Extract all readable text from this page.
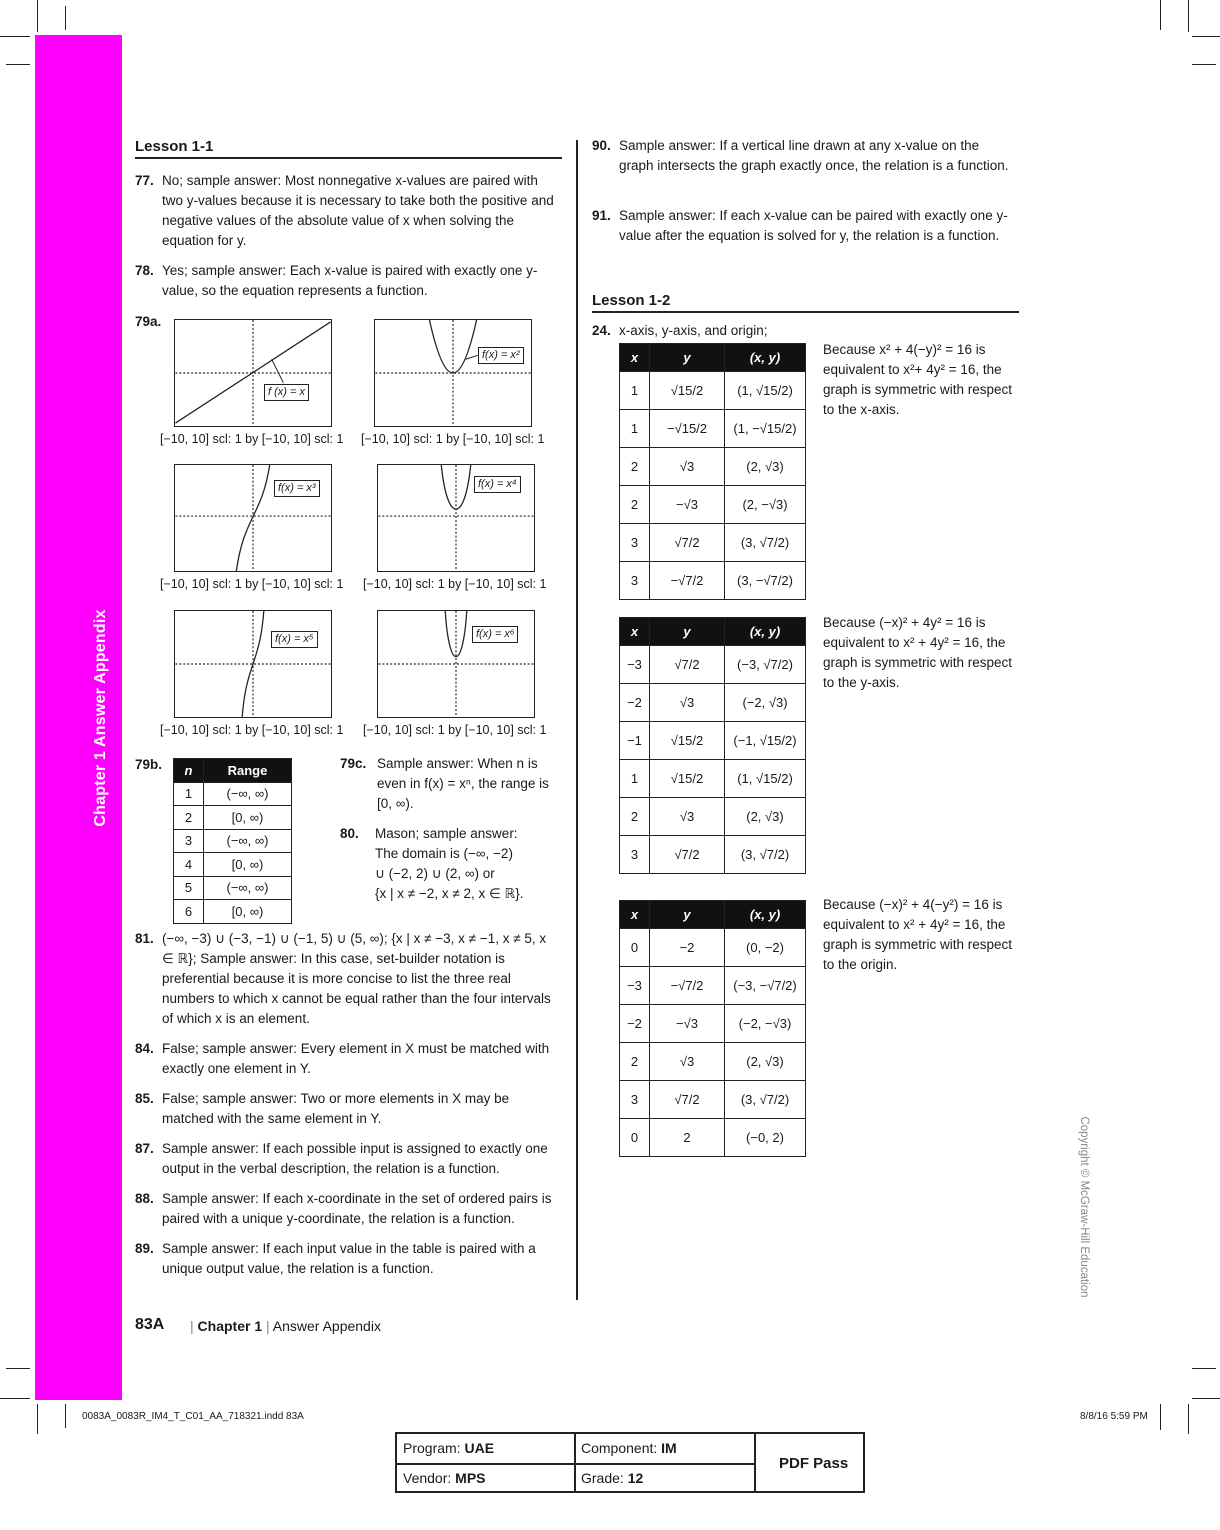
Chapter 1 Answer Appendix
Lesson 1-1
77. No; sample answer: Most nonnegative x-values are paired with two y-values because it is necessary to take both the positive and negative values of the absolute value of x when solving the equation for y.
78. Yes; sample answer: Each x-value is paired with exactly one y-value, so the equation represents a function.
79a.
f (x) = x
f(x) = x²
[−10, 10] scl: 1 by [−10, 10] scl: 1 [−10, 10] scl: 1 by [−10, 10] scl: 1
f(x) = x³	f(x) = x⁴
[−10, 10] scl: 1 by [−10, 10] scl: 1 [−10, 10] scl: 1 by [−10, 10] scl: 1
f(x) = x⁵	f(x) = x⁶
[−10, 10] scl: 1 by [−10, 10] scl: 1 [−10, 10] scl: 1 by [−10, 10] scl: 1
79b. n	Range
1	(−∞, ∞)
2	[0, ∞)
3	(−∞, ∞)
4	[0, ∞)
5	(−∞, ∞)
6	[0, ∞)
79c. Sample answer: When n is even in f(x) = xⁿ, the range is [0, ∞).
80.	Mason; sample answer:
The domain is (−∞, −2)
∪ (−2, 2) ∪ (2, ∞) or
{x | x ≠ −2, x ≠ 2, x ∈ ℝ}.
81. (−∞, −3) ∪ (−3, −1) ∪ (−1, 5) ∪ (5, ∞); {x | x ≠ −3, x ≠ −1, x ≠ 5, x ∈ ℝ}; Sample answer: In this case, set-builder notation is preferential because it is more concise to list the three real numbers to which x cannot be equal rather than the four intervals of which x is an element.
84. False; sample answer: Every element in X must be matched with exactly one element in Y.
85. False; sample answer: Two or more elements in X may be matched with the same element in Y.
87. Sample answer: If each possible input is assigned to exactly one output in the verbal description, the relation is a function.
88. Sample answer: If each x-coordinate in the set of ordered pairs is paired with a unique y-coordinate, the relation is a function.
89. Sample answer: If each input value in the table is paired with a unique output value, the relation is a function.
90. Sample answer: If a vertical line drawn at any x-value on the graph intersects the graph exactly once, the relation is a function.
91. Sample answer: If each x-value can be paired with exactly one y-value after the equation is solved for y, the relation is a function.
Lesson 1-2
24. x-axis, y-axis, and origin;
x	y	(x, y)
1	√15/2	(1, √15/2)
1	−√15/2	(1, −√15/2)
2	√3	(2, √3)
2	−√3	(2, −√3)
3	√7/2	(3, √7/2)
3	−√7/2	(3, −√7/2)
Because x² + 4(−y)² = 16 is equivalent to x²+ 4y² = 16, the graph is symmetric with respect to the x-axis.
x	y	(x, y)
−3	√7/2	(−3, √7/2)
−2	√3	(−2, √3)
−1	√15/2	(−1, √15/2)
1	√15/2	(1, √15/2)
2	√3	(2, √3)
3	√7/2	(3, √7/2)
Because (−x)² + 4y² = 16 is equivalent to x² + 4y² = 16, the graph is symmetric with respect to the y-axis.
x	y	(x, y)
0	−2	(0, −2)
−3	−√7/2	(−3, −√7/2)
−2	−√3	(−2, −√3)
2	√3	(2, √3)
3	√7/2	(3, √7/2)
0	2	(−0, 2)
Because (−x)² + 4(−y²) = 16 is equivalent to x² + 4y² = 16, the graph is symmetric with respect to the origin.
Copyright © McGraw-Hill Education
83A | Chapter 1 | Answer Appendix
0083A_0083R_IM4_T_C01_AA_718321.indd 83A	8/8/16 5:59 PM
Program: UAE	Component: IM
Vendor: MPS	Grade: 12
PDF Pass
